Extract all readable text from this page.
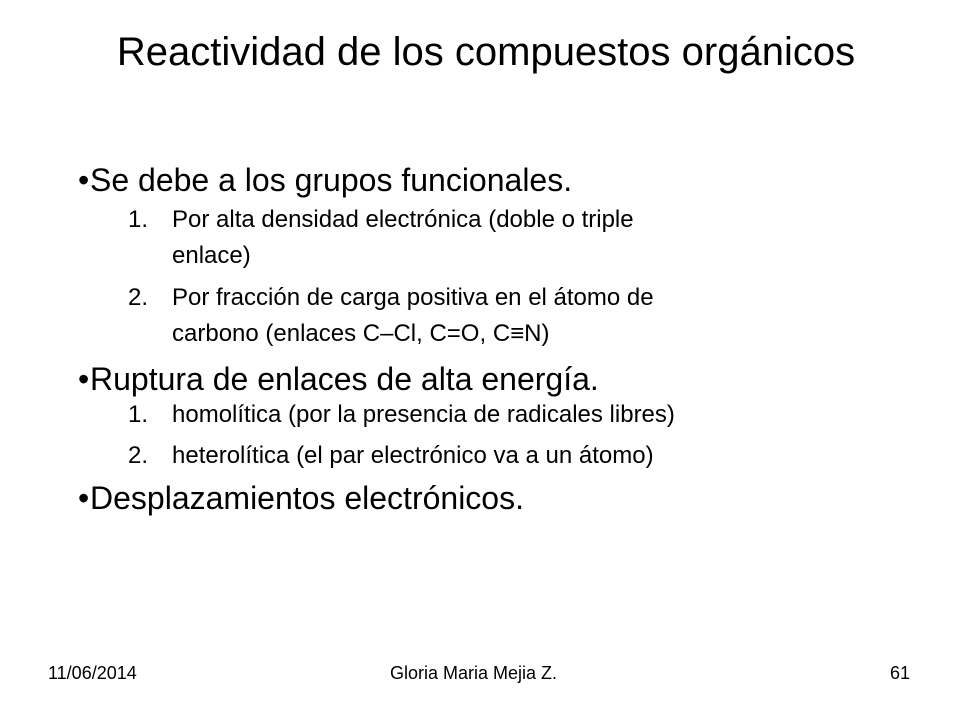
Reactividad de los compuestos orgánicos
•Se debe a los grupos funcionales.
1. Por alta densidad electrónica (doble o triple
enlace)
2. Por fracción de carga positiva en el átomo de
carbono (enlaces C–Cl, C=O, C≡N)
•Ruptura de enlaces de alta energía.
1. homolítica (por la presencia de radicales libres)
2. heterolítica (el par electrónico va a un átomo)
•Desplazamientos electrónicos.
11/06/2014	Gloria Maria Mejia Z.	61
